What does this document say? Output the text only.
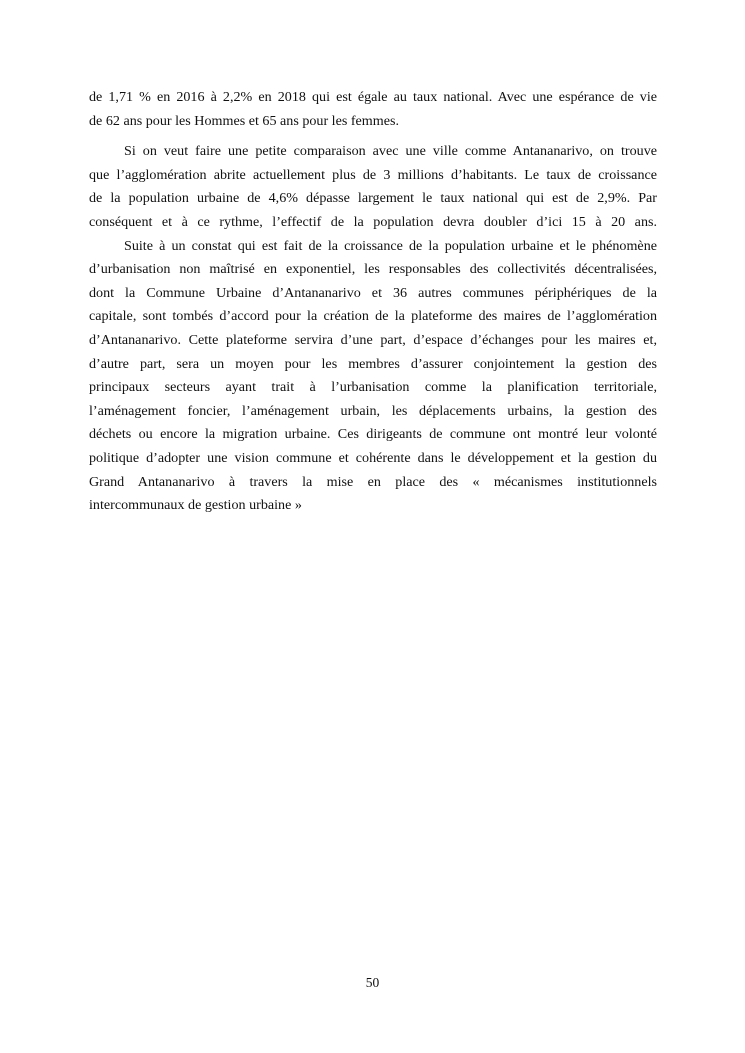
de 1,71 % en 2016 à 2,2% en 2018 qui est égale au taux national. Avec une espérance de vie
de 62 ans pour les Hommes et 65 ans pour les femmes.
Si on veut faire une petite comparaison avec une ville comme Antananarivo, on trouve
que l’agglomération abrite actuellement plus de 3 millions d’habitants. Le taux de croissance
de la population urbaine de 4,6% dépasse largement le taux national qui est de 2,9%. Par
conséquent et à ce rythme, l’effectif de la population devra doubler d’ici 15 à 20 ans.
Suite à un constat qui est fait de la croissance de la population urbaine et le phénomène
d’urbanisation non maîtrisé en exponentiel, les responsables des collectivités décentralisées,
dont la Commune Urbaine d’Antananarivo et 36 autres communes périphériques de la
capitale, sont tombés d’accord pour la création de la plateforme des maires de l’agglomération
d’Antananarivo. Cette plateforme servira d’une part, d’espace d’échanges pour les maires et,
d’autre part, sera un moyen pour les membres d’assurer conjointement la gestion des
principaux secteurs ayant trait à l’urbanisation comme la planification territoriale,
l’aménagement foncier, l’aménagement urbain, les déplacements urbains, la gestion des
déchets ou encore la migration urbaine. Ces dirigeants de commune ont montré leur volonté
politique d’adopter une vision commune et cohérente dans le développement et la gestion du
Grand Antananarivo à travers la mise en place des « mécanismes institutionnels
intercommunaux de gestion urbaine »
50
